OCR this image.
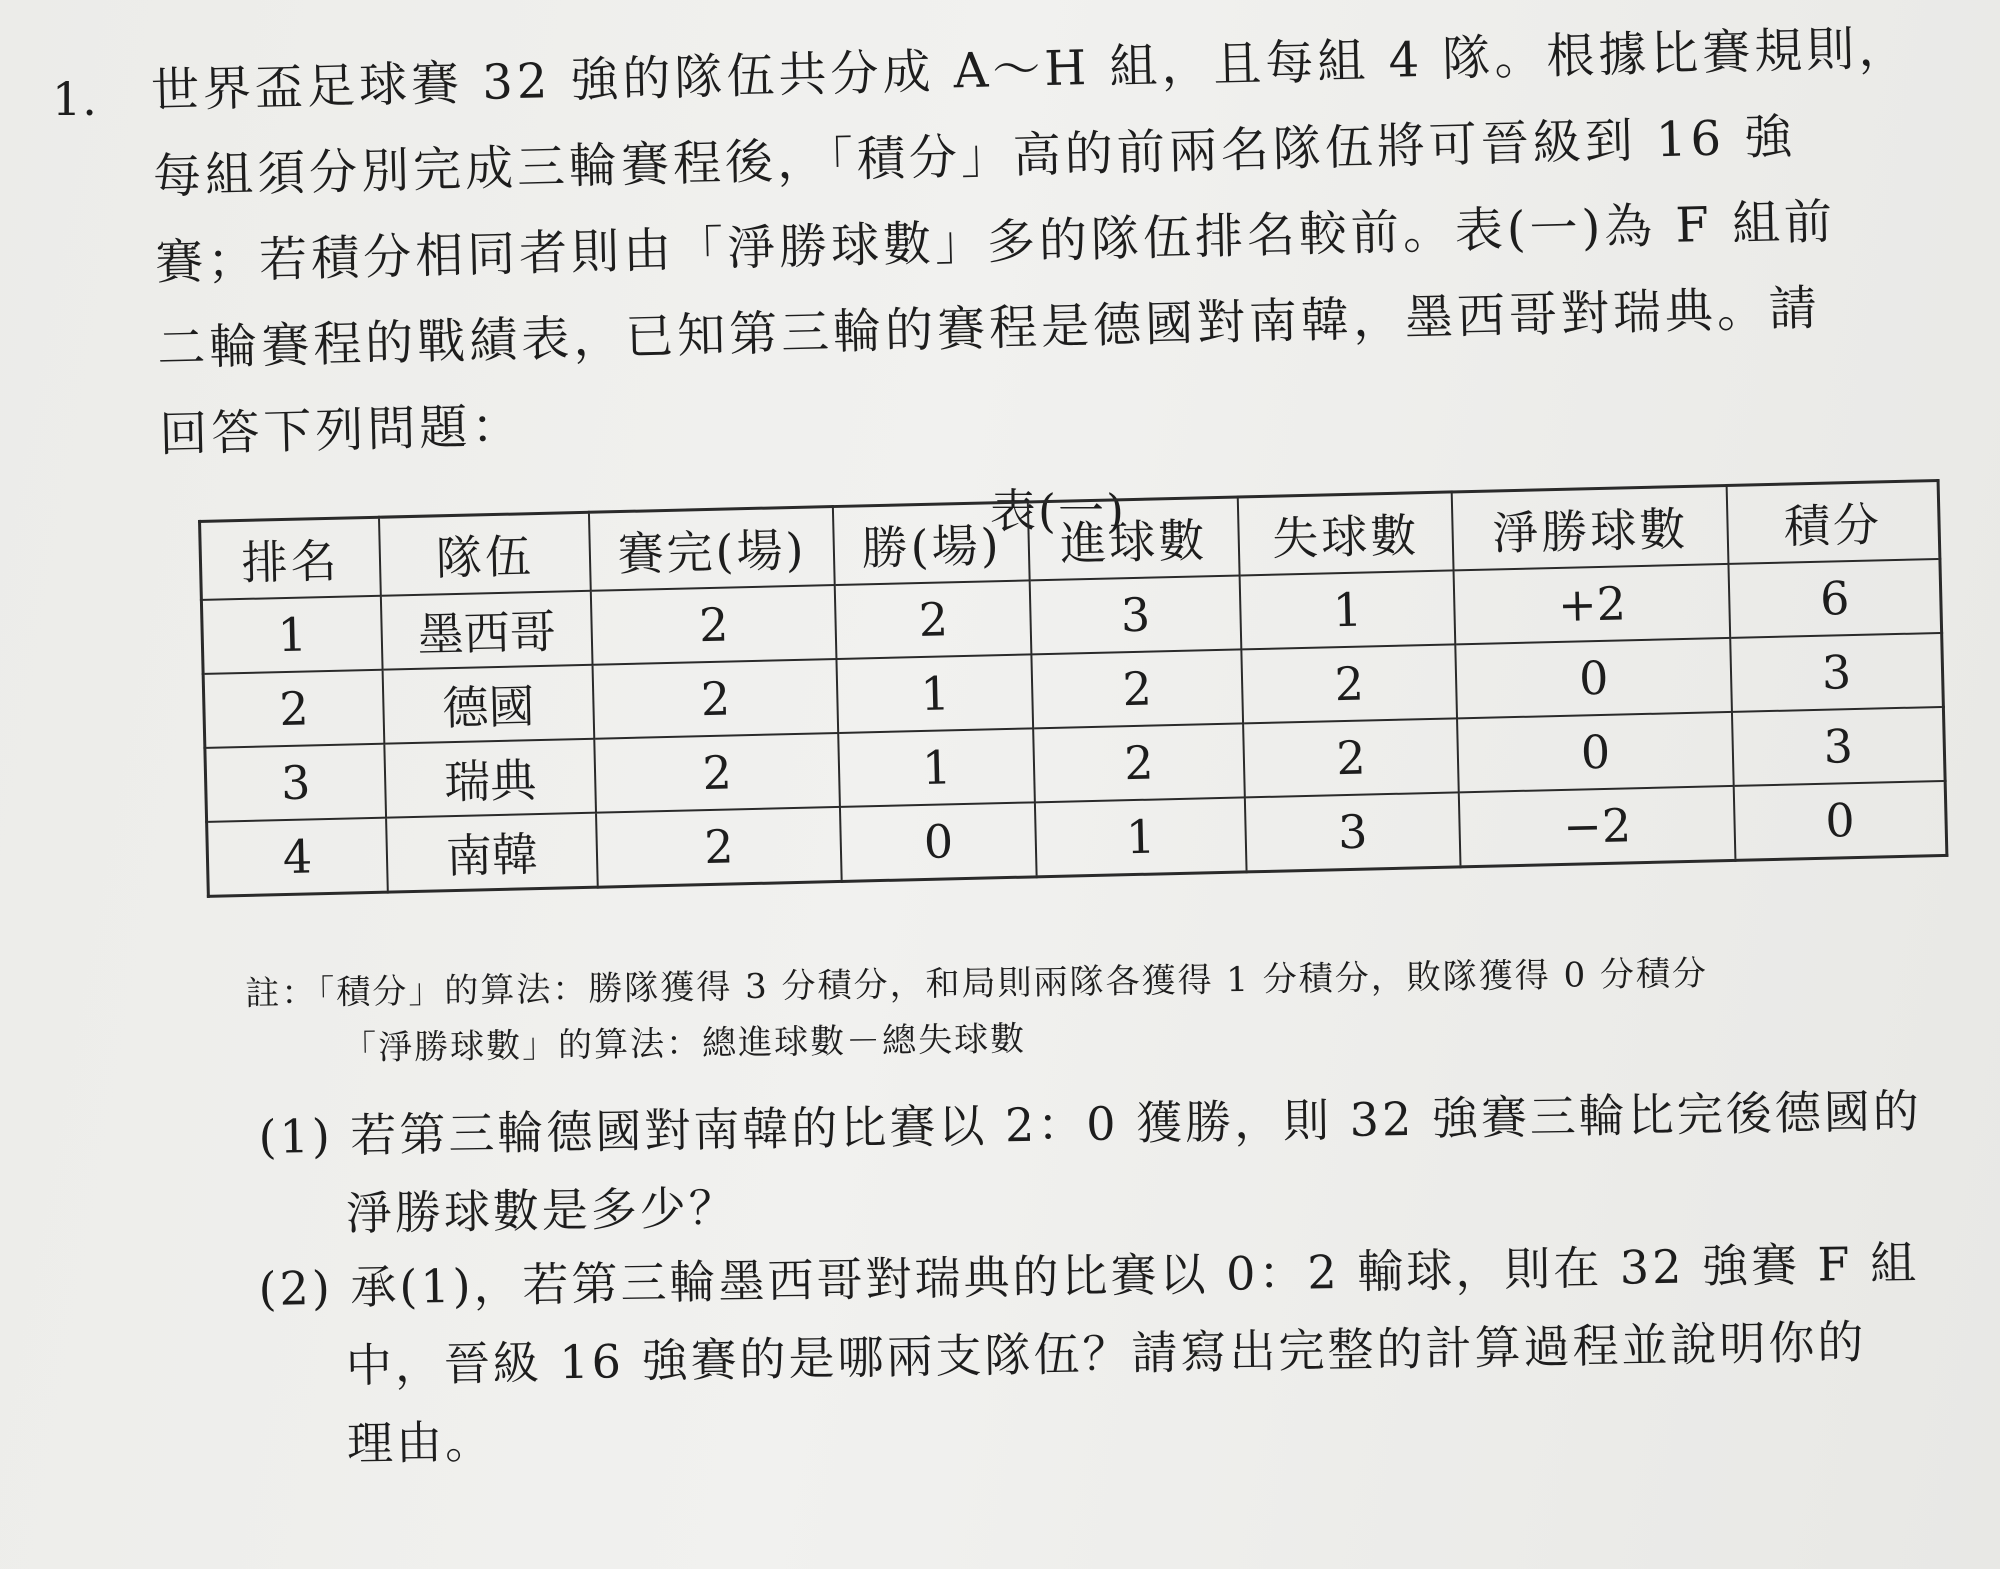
1. 世界盃足球賽 32 強的隊伍共分成 A～H 組，且每組 4 隊。根據比賽規則，
每組須分別完成三輪賽程後，「積分」高的前兩名隊伍將可晉級到 16 強
賽；若積分相同者則由「淨勝球數」多的隊伍排名較前。表(一)為 F 組前
二輪賽程的戰績表，已知第三輪的賽程是德國對南韓，墨西哥對瑞典。請
回答下列問題：
表(一)
排名	隊伍	賽完(場)	勝(場)	進球數	失球數	淨勝球數	積分
1	墨西哥	2	2	3	1	+2	6
2	德國	2	1	2	2	0	3
3	瑞典	2	1	2	2	0	3
4	南韓	2	0	1	3	−2	0
註：「積分」的算法：勝隊獲得 3 分積分，和局則兩隊各獲得 1 分積分，敗隊獲得 0 分積分
「淨勝球數」的算法：總進球數－總失球數
(1) 若第三輪德國對南韓的比賽以 2：0 獲勝，則 32 強賽三輪比完後德國的
淨勝球數是多少？
(2) 承(1)，若第三輪墨西哥對瑞典的比賽以 0：2 輸球，則在 32 強賽 F 組
中，晉級 16 強賽的是哪兩支隊伍？請寫出完整的計算過程並說明你的
理由。
